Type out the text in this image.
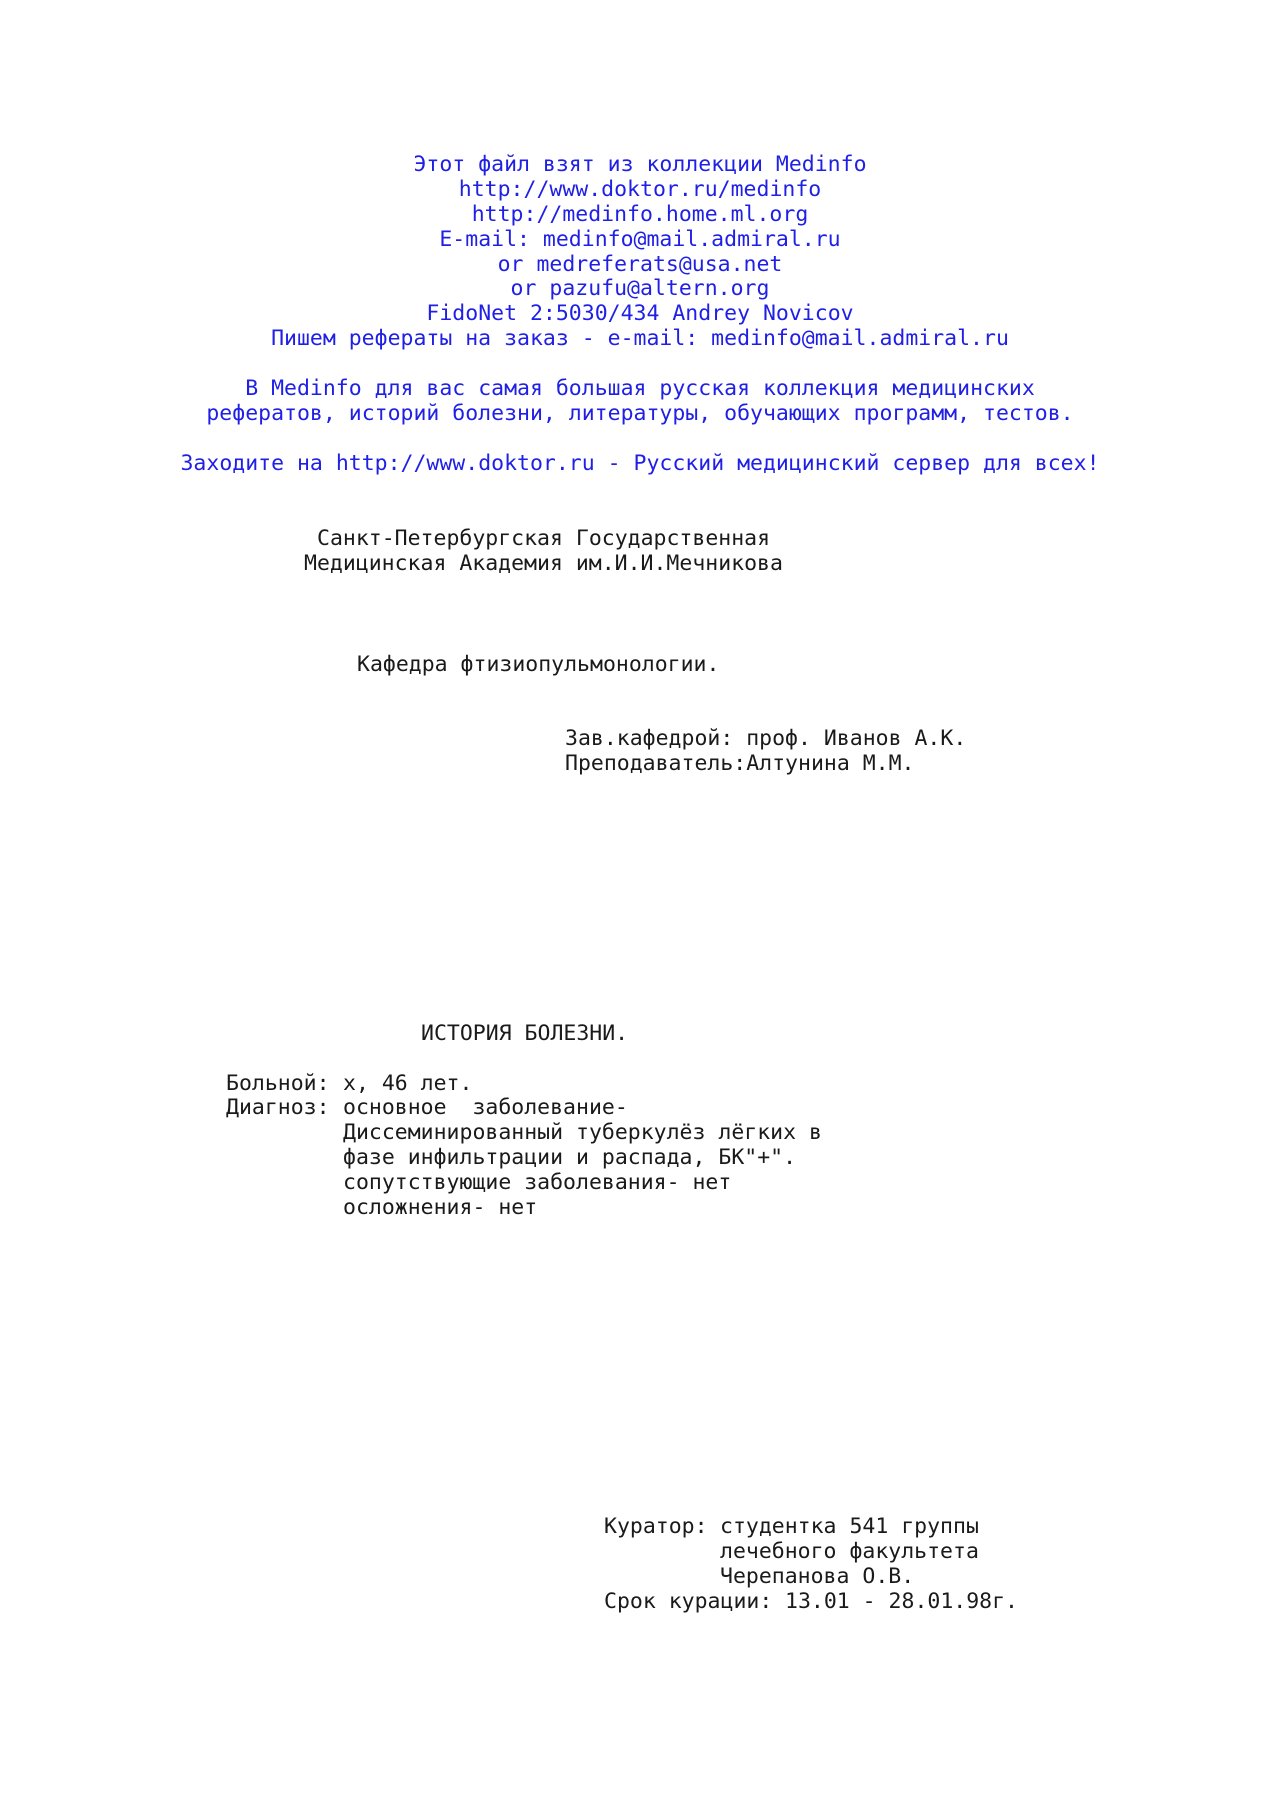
Этот файл взят из коллекции Medinfo

http://www.doktor.ru/medinfo

http://medinfo.home.ml.org

E-mail: medinfo@mail.admiral.ru

or medreferats@usa.net

or pazufu@altern.org

FidoNet 2:5030/434 Andrey Novicov

Пишем рефераты на заказ - e-mail: medinfo@mail.admiral.ru

В Medinfo для вас самая большая русская коллекция медицинских

рефератов, историй болезни, литературы, обучающих программ, тестов.

Заходите на http://www.doktor.ru - Русский медицинский сервер для всех!

Санкт-Петербургская Государственная

Медицинская Академия им.И.И.Мечникова

Кафедра фтизиопульмонологии.

Зав.кафедрой: проф. Иванов А.К.

Преподаватель:Алтунина М.М.

ИСТОРИЯ БОЛЕЗНИ.

Больной: х, 46 лет.

Диагноз: основное  заболевание-

Диссеминированный туберкулёз лёгких в

фазе инфильтрации и распада, БК"+".

сопутствующие заболевания- нет

осложнения- нет

Куратор: студентка 541 группы

лечебного факультета

Черепанова О.В.

Срок курации: 13.01 - 28.01.98г.
